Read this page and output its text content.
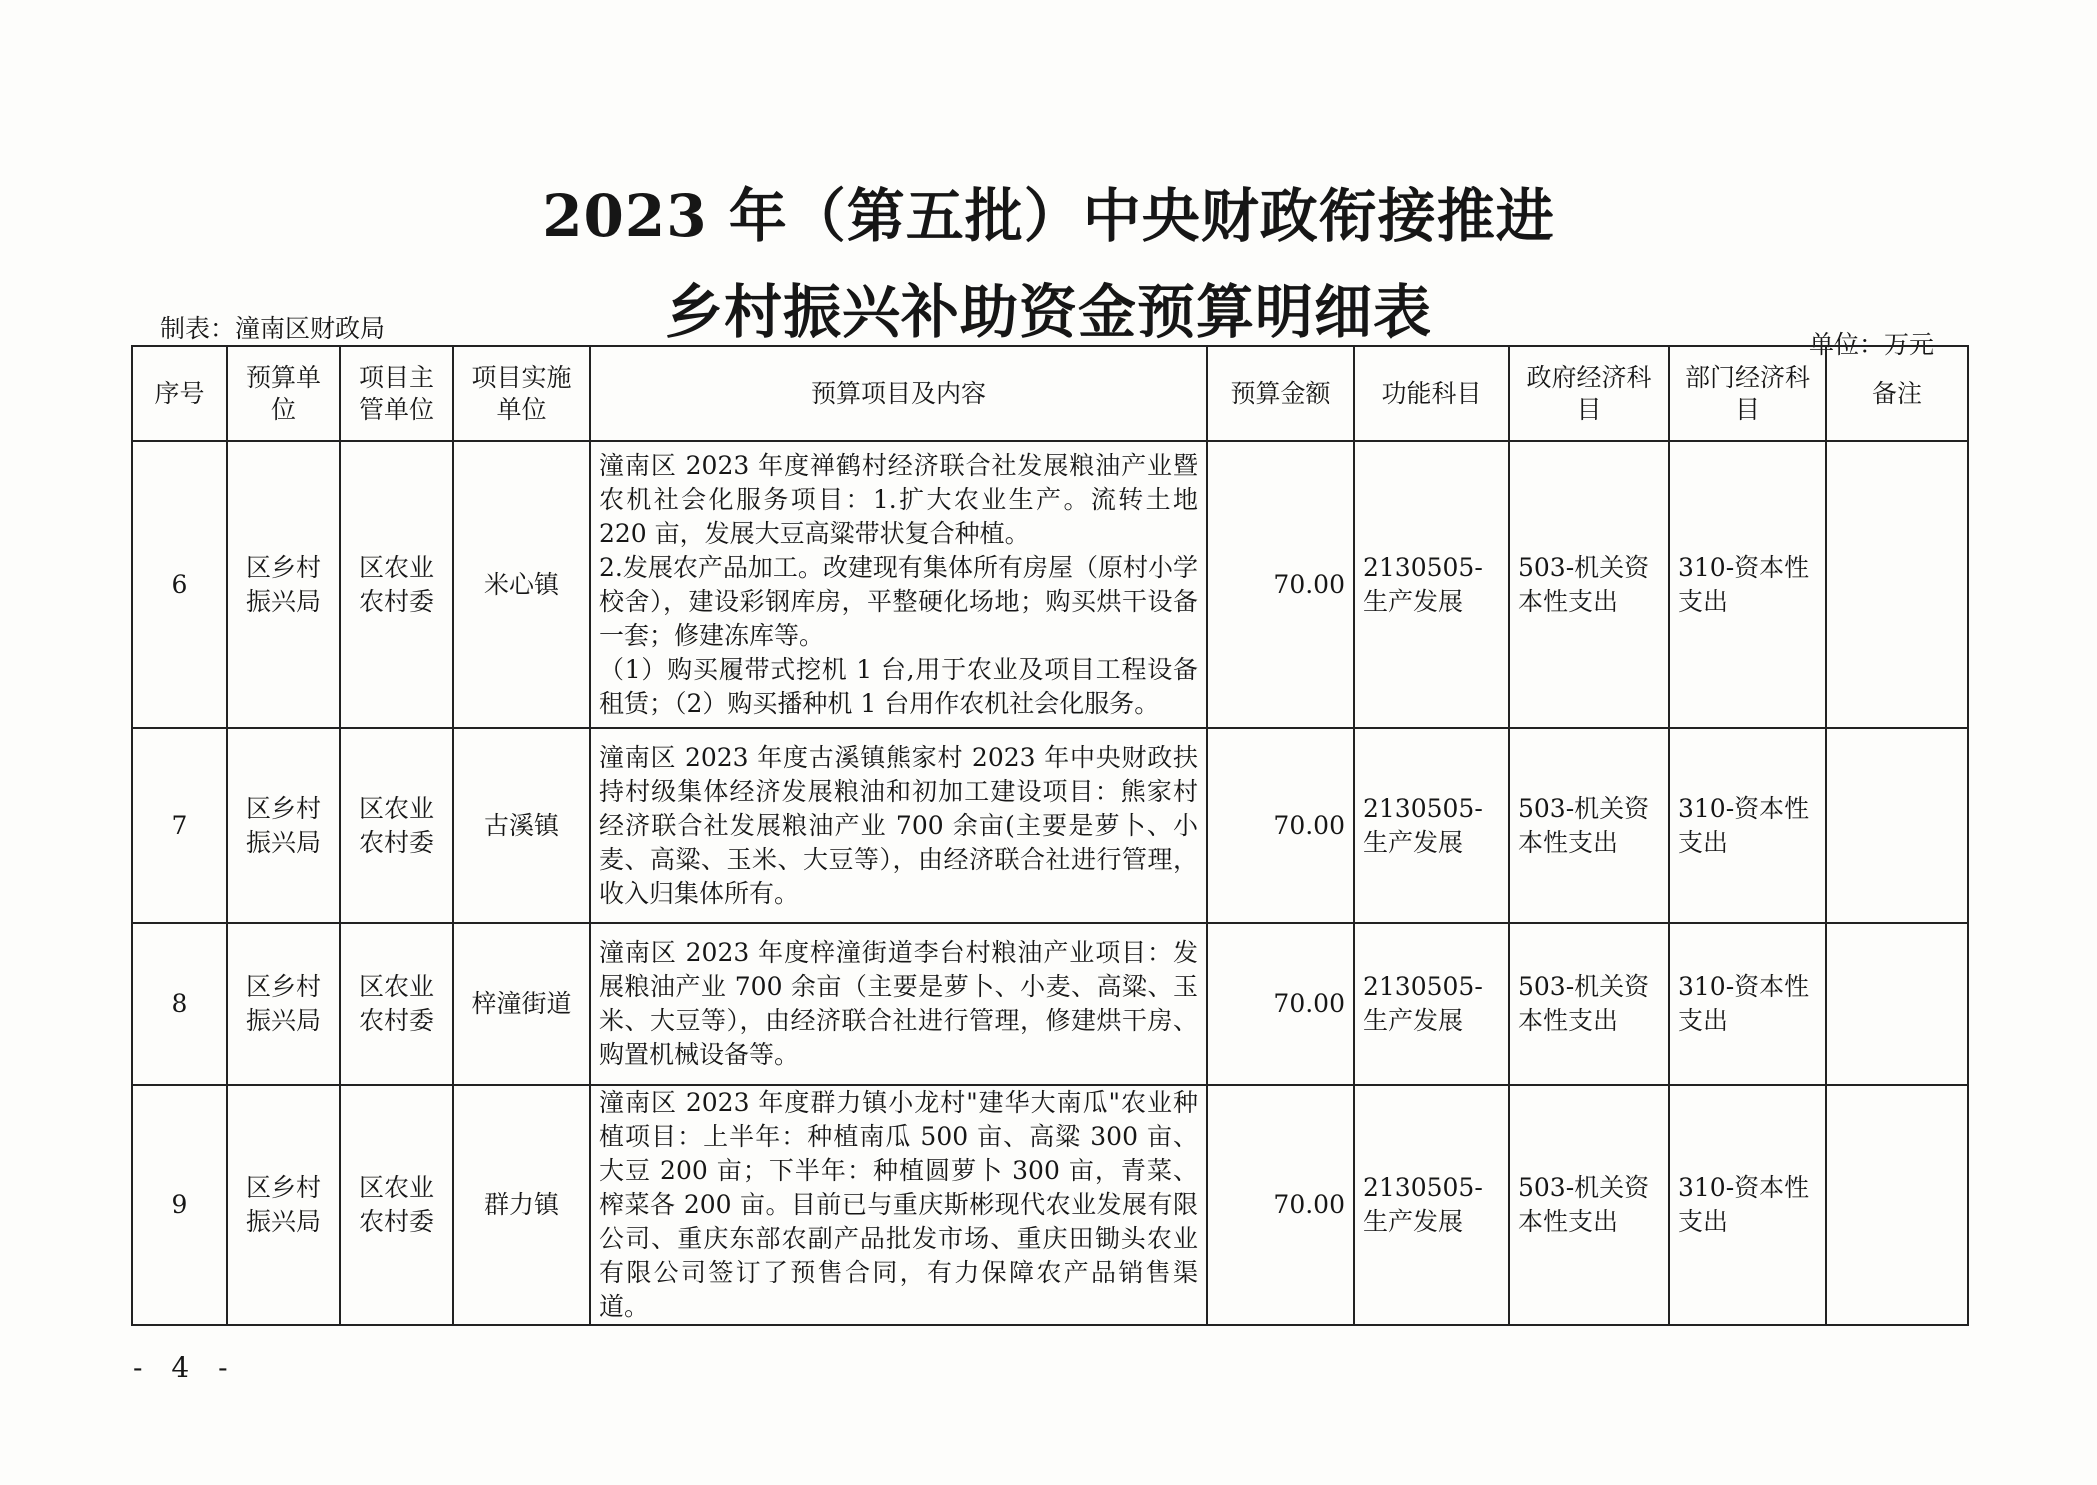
2023 年（第五批）中央财政衔接推进
乡村振兴补助资金预算明细表
制表：潼南区财政局
单位：万元
序号	预算单位	项目主管单位	项目实施单位	预算项目及内容	预算金额	功能科目	政府经济科目	部门经济科目	备注
6	区乡村振兴局	区农业农村委	米心镇	潼南区 2023 年度禅鹤村经济联合社发展粮油产业暨农机社会化服务项目：1.扩大农业生产。流转土地 220 亩，发展大豆高粱带状复合种植。
2.发展农产品加工。改建现有集体所有房屋（原村小学校舍），建设彩钢库房，平整硬化场地；购买烘干设备一套；修建冻库等。
（1）购买履带式挖机 1 台,用于农业及项目工程设备租赁；（2）购买播种机 1 台用作农机社会化服务。	70.00	2130505-生产发展	503-机关资本性支出	310-资本性支出	
7	区乡村振兴局	区农业农村委	古溪镇	潼南区 2023 年度古溪镇熊家村 2023 年中央财政扶持村级集体经济发展粮油和初加工建设项目：熊家村经济联合社发展粮油产业 700 余亩(主要是萝卜、小麦、高粱、玉米、大豆等），由经济联合社进行管理，收入归集体所有。	70.00	2130505-生产发展	503-机关资本性支出	310-资本性支出	
8	区乡村振兴局	区农业农村委	梓潼街道	潼南区 2023 年度梓潼街道李台村粮油产业项目：发展粮油产业 700 余亩（主要是萝卜、小麦、高粱、玉米、大豆等），由经济联合社进行管理，修建烘干房、购置机械设备等。	70.00	2130505-生产发展	503-机关资本性支出	310-资本性支出	
9	区乡村振兴局	区农业农村委	群力镇	潼南区 2023 年度群力镇小龙村"建华大南瓜"农业种植项目：上半年：种植南瓜 500 亩、高粱 300 亩、大豆 200 亩；下半年：种植圆萝卜 300 亩，青菜、榨菜各 200 亩。目前已与重庆斯彬现代农业发展有限公司、重庆东部农副产品批发市场、重庆田锄头农业有限公司签订了预售合同，有力保障农产品销售渠道。	70.00	2130505-生产发展	503-机关资本性支出	310-资本性支出	
- 4 -
